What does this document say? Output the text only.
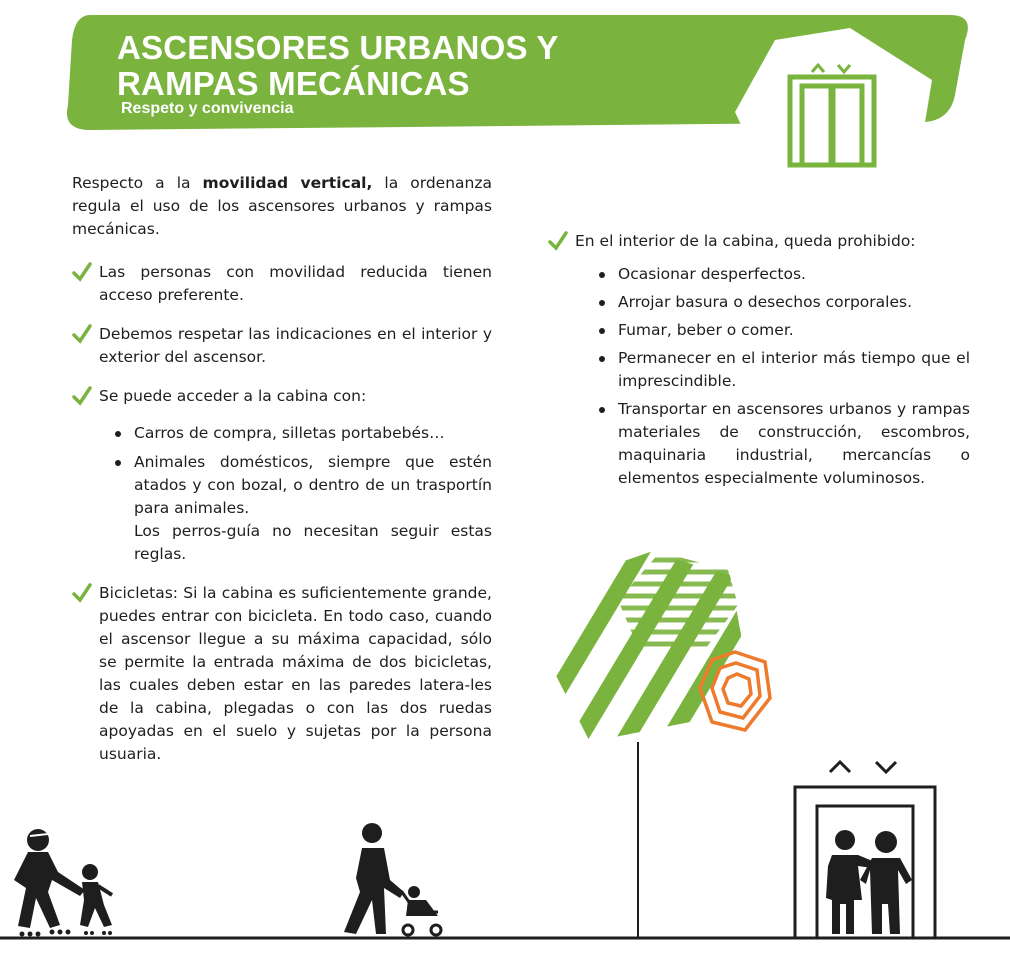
ASCENSORES URBANOS Y
RAMPAS MECÁNICAS
Respeto y convivencia

Respecto a la movilidad vertical, la ordenanza regula el uso de los ascensores urbanos y rampas mecánicas.

Las personas con movilidad reducida tienen acceso preferente.
Debemos respetar las indicaciones en el interior y exterior del ascensor.
Se puede acceder a la cabina con:
Carros de compra, silletas portabebés…
Animales domésticos, siempre que estén atados y con bozal, o dentro de un trasportín para animales.
Los perros-guía no necesitan seguir estas reglas.
Bicicletas: Si la cabina es suficientemente grande, puedes entrar con bicicleta. En todo caso, cuando el ascensor llegue a su máxima capacidad, sólo se permite la entrada máxima de dos bicicletas, las cuales deben estar en las paredes latera-les de la cabina, plegadas o con las dos ruedas apoyadas en el suelo y sujetas por la persona usuaria.
En el interior de la cabina, queda prohibido:
Ocasionar desperfectos.
Arrojar basura o desechos corporales.
Fumar, beber o comer.
Permanecer en el interior más tiempo que el imprescindible.
Transportar en ascensores urbanos y rampas materiales de construcción, escombros, maquinaria industrial, mercancías o elementos especialmente voluminosos.
